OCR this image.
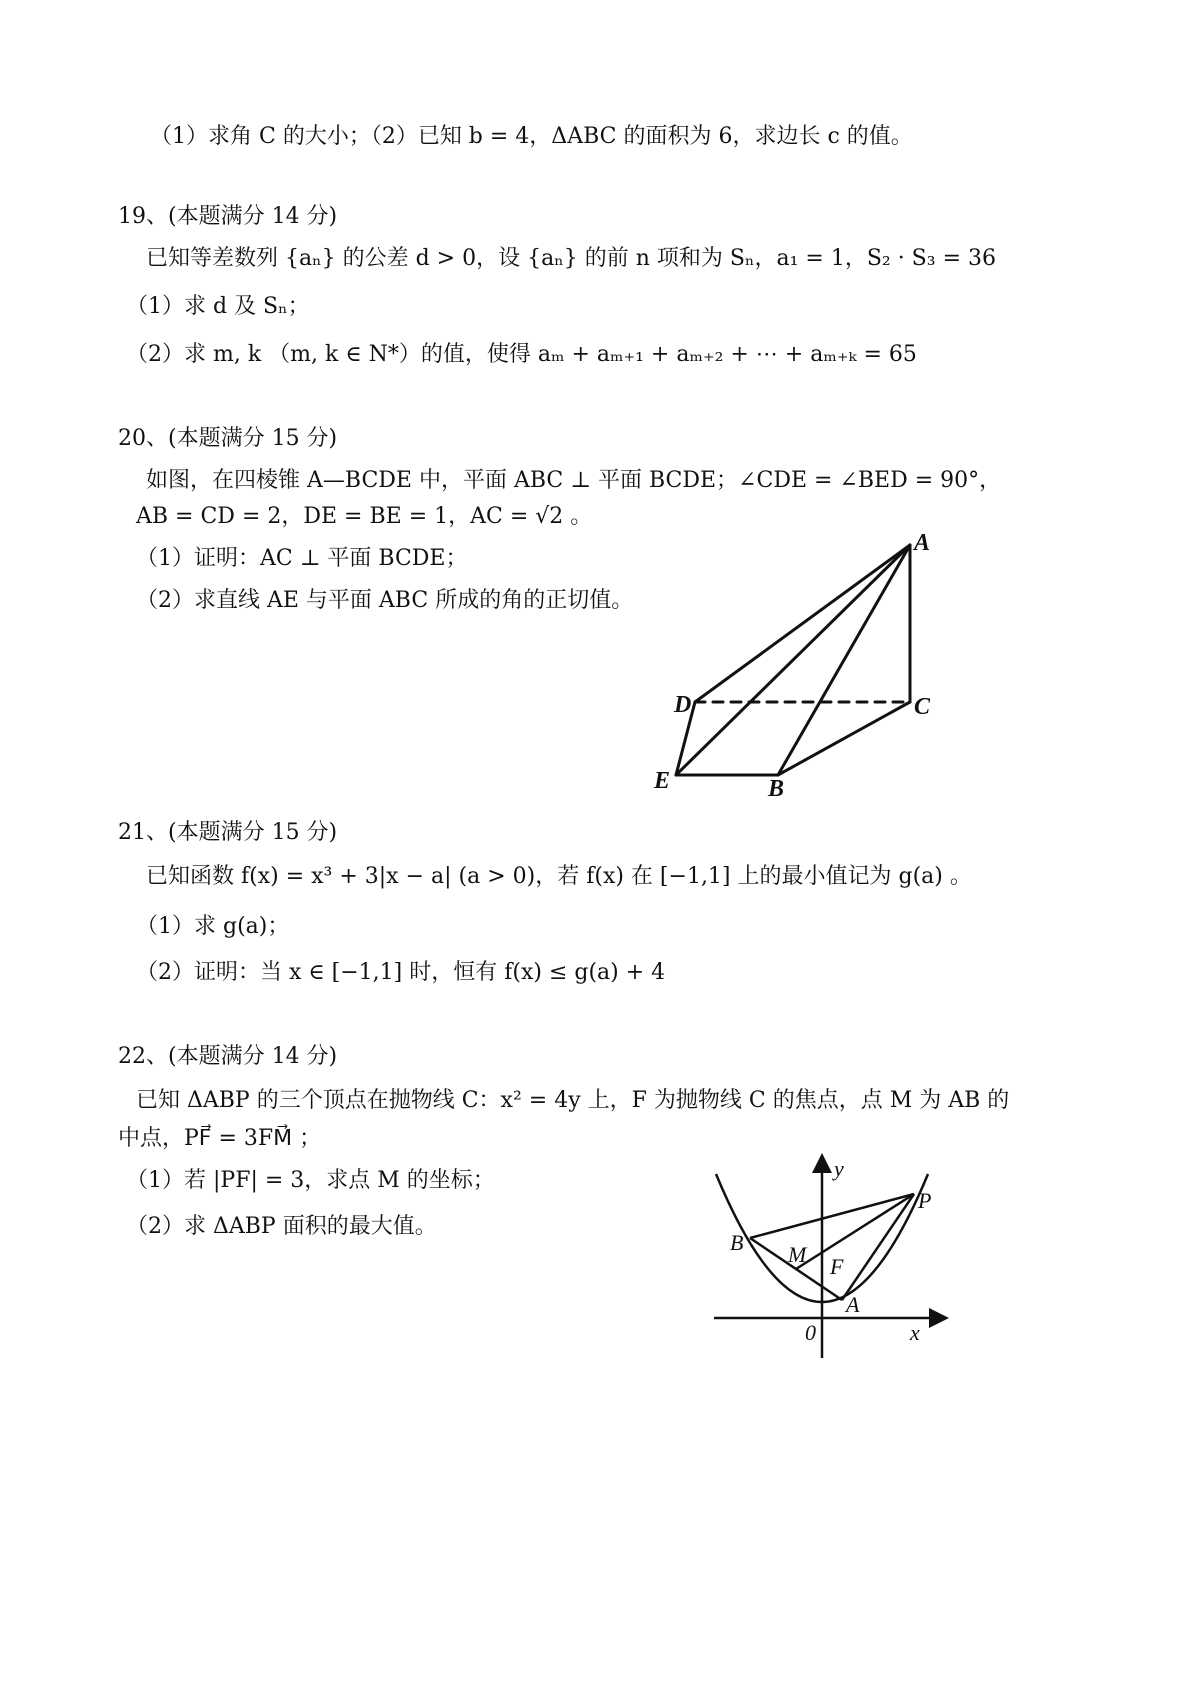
（1）求角 C 的大小；（2）已知 b = 4，ΔABC 的面积为 6，求边长 c 的值。
19、(本题满分 14 分)
已知等差数列 {aₙ} 的公差 d > 0，设 {aₙ} 的前 n 项和为 Sₙ，a₁ = 1，S₂ · S₃ = 36
（1）求 d 及 Sₙ；
（2）求 m, k （m, k ∈ N*）的值，使得 aₘ + aₘ₊₁ + aₘ₊₂ + ⋯ + aₘ₊ₖ = 65
20、(本题满分 15 分)
如图，在四棱锥 A—BCDE 中，平面 ABC ⊥ 平面 BCDE；∠CDE = ∠BED = 90°，
AB = CD = 2，DE = BE = 1，AC = √2 。
（1）证明：AC ⊥ 平面 BCDE；
（2）求直线 AE 与平面 ABC 所成的角的正切值。
A
D	C
E	B
21、(本题满分 15 分)
已知函数 f(x) = x³ + 3|x − a| (a > 0)，若 f(x) 在 [−1,1] 上的最小值记为 g(a) 。
（1）求 g(a)；
（2）证明：当 x ∈ [−1,1] 时，恒有 f(x) ≤ g(a) + 4
22、(本题满分 14 分)
已知 ΔABP 的三个顶点在抛物线 C：x² = 4y 上，F 为抛物线 C 的焦点，点 M 为 AB 的
中点，PF⃗ = 3FM⃗ ；
（1）若 |PF| = 3，求点 M 的坐标；
（2）求 ΔABP 面积的最大值。
y
P
B M F
A
0	x
